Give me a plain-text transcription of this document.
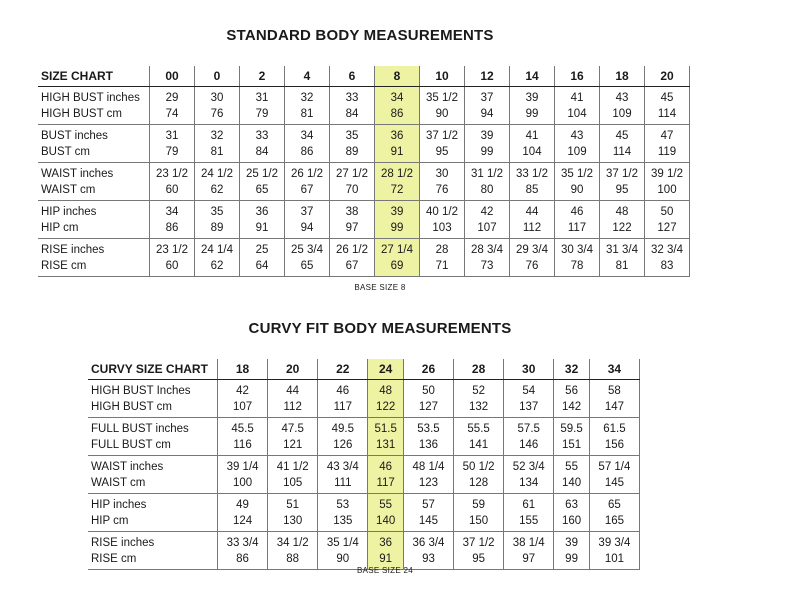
STANDARD BODY MEASUREMENTS
SIZE CHART	00	0	2	4	6	8	10	12	14	16	18	20
HIGH BUST inches	29	30	31	32	33	34	35 1/2	37	39	41	43	45
HIGH BUST cm	74	76	79	81	84	86	90	94	99	104	109	114
BUST inches	31	32	33	34	35	36	37 1/2	39	41	43	45	47
BUST cm	79	81	84	86	89	91	95	99	104	109	114	119
WAIST inches	23 1/2	24 1/2	25 1/2	26 1/2	27 1/2	28 1/2	30	31 1/2	33 1/2	35 1/2	37 1/2	39 1/2
WAIST cm	60	62	65	67	70	72	76	80	85	90	95	100
HIP inches	34	35	36	37	38	39	40 1/2	42	44	46	48	50
HIP cm	86	89	91	94	97	99	103	107	112	117	122	127
RISE inches	23 1/2	24 1/4	25	25 3/4	26 1/2	27 1/4	28	28 3/4	29 3/4	30 3/4	31 3/4	32 3/4
RISE cm	60	62	64	65	67	69	71	73	76	78	81	83
BASE SIZE 8
CURVY FIT BODY MEASUREMENTS
CURVY SIZE CHART	18	20	22	24	26	28	30	32	34
HIGH BUST Inches	42	44	46	48	50	52	54	56	58
HIGH BUST cm	107	112	117	122	127	132	137	142	147
FULL BUST inches	45.5	47.5	49.5	51.5	53.5	55.5	57.5	59.5	61.5
FULL BUST cm	116	121	126	131	136	141	146	151	156
WAIST inches	39 1/4	41 1/2	43 3/4	46	48 1/4	50 1/2	52 3/4	55	57 1/4
WAIST cm	100	105	111	117	123	128	134	140	145
HIP inches	49	51	53	55	57	59	61	63	65
HIP cm	124	130	135	140	145	150	155	160	165
RISE inches	33 3/4	34 1/2	35 1/4	36	36 3/4	37 1/2	38 1/4	39	39 3/4
RISE cm	86	88	90	91	93	95	97	99	101
BASE SIZE 24
